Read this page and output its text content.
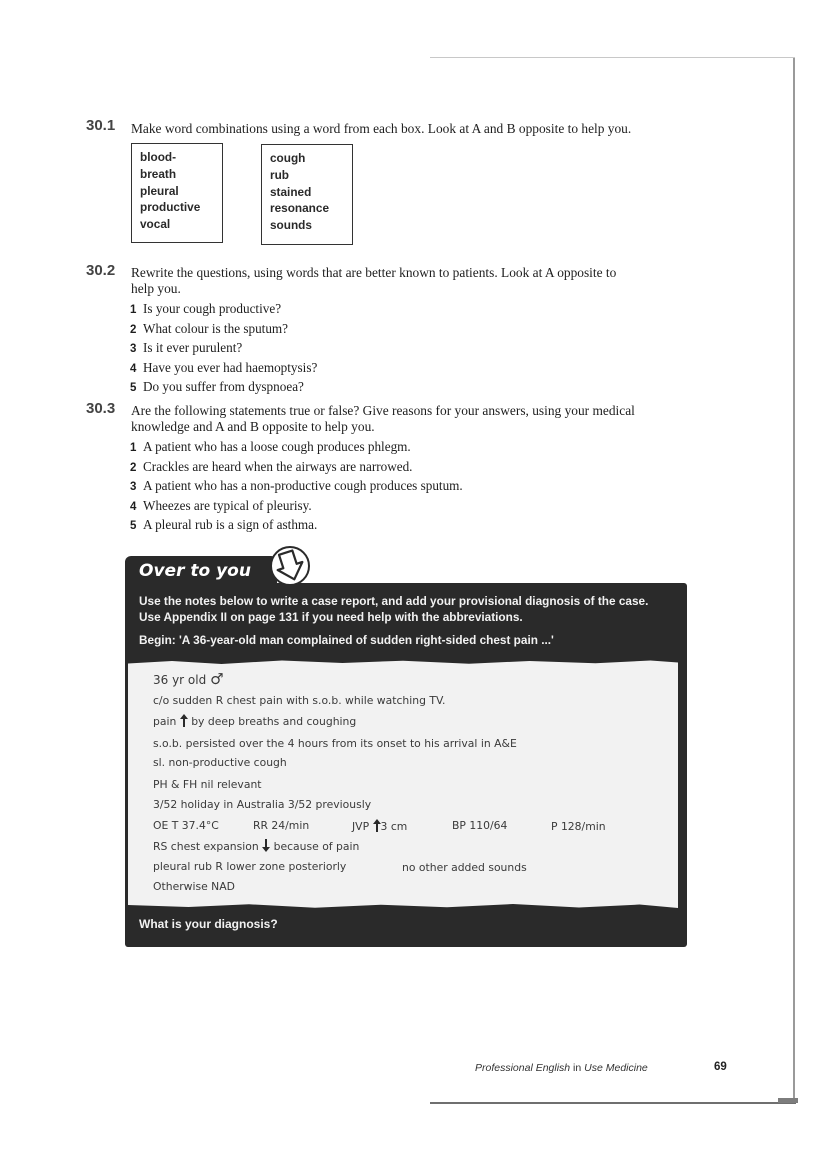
30.1 Make word combinations using a word from each box. Look at A and B opposite to help you.
blood-
breath
pleural
productive
vocal
cough
rub
stained
resonance
sounds
30.2 Rewrite the questions, using words that are better known to patients. Look at A opposite to
help you.
1 Is your cough productive?
2 What colour is the sputum?
3 Is it ever purulent?
4 Have you ever had haemoptysis?
5 Do you suffer from dyspnoea?
30.3 Are the following statements true or false? Give reasons for your answers, using your medical
knowledge and A and B opposite to help you.
1 A patient who has a loose cough produces phlegm.
2 Crackles are heard when the airways are narrowed.
3 A patient who has a non-productive cough produces sputum.
4 Wheezes are typical of pleurisy.
5 A pleural rub is a sign of asthma.
Over to you
Use the notes below to write a case report, and add your provisional diagnosis of the case.
Use Appendix II on page 131 if you need help with the abbreviations.
Begin: 'A 36-year-old man complained of sudden right-sided chest pain ...'
36 yr old ♂
c/o sudden R chest pain with s.o.b. while watching TV.
pain by deep breaths and coughing
s.o.b. persisted over the 4 hours from its onset to his arrival in A&E
sl. non-productive cough
PH & FH nil relevant
3/52 holiday in Australia 3/52 previously
OE T 37.4°C	RR 24/min	JVP 3 cm	BP 110/64	P 128/min
RS chest expansion because of pain
pleural rub R lower zone posteriorly	no other added sounds
Otherwise NAD
What is your diagnosis?
Professional English in Use Medicine	69
